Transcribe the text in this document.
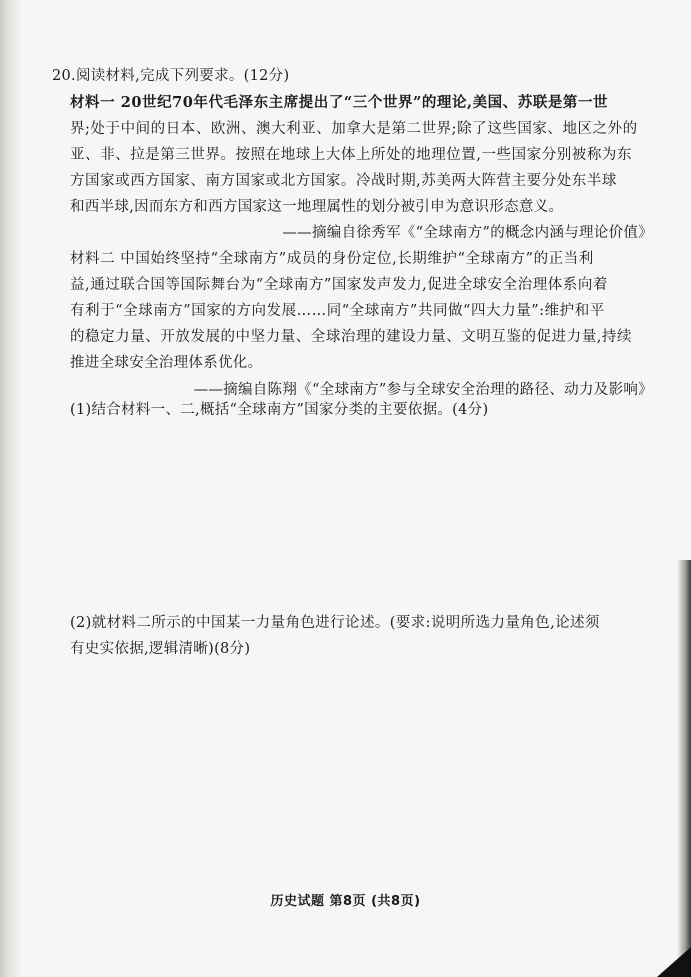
20.阅读材料,完成下列要求。(12分)
材料一 20世纪70年代毛泽东主席提出了“三个世界”的理论,美国、苏联是第一世
界;处于中间的日本、欧洲、澳大利亚、加拿大是第二世界;除了这些国家、地区之外的
亚、非、拉是第三世界。按照在地球上大体上所处的地理位置,一些国家分别被称为东
方国家或西方国家、南方国家或北方国家。冷战时期,苏美两大阵营主要分处东半球
和西半球,因而东方和西方国家这一地理属性的划分被引申为意识形态意义。
——摘编自徐秀军《“全球南方”的概念内涵与理论价值》
材料二 中国始终坚持“全球南方”成员的身份定位,长期维护“全球南方”的正当利
益,通过联合国等国际舞台为“全球南方”国家发声发力,促进全球安全治理体系向着
有利于“全球南方”国家的方向发展……同“全球南方”共同做“四大力量”:维护和平
的稳定力量、开放发展的中坚力量、全球治理的建设力量、文明互鉴的促进力量,持续
推进全球安全治理体系优化。
——摘编自陈翔《“全球南方”参与全球安全治理的路径、动力及影响》
(1)结合材料一、二,概括“全球南方”国家分类的主要依据。(4分)
(2)就材料二所示的中国某一力量角色进行论述。(要求:说明所选力量角色,论述须
有史实依据,逻辑清晰)(8分)
历史试题 第8页 (共8页)
